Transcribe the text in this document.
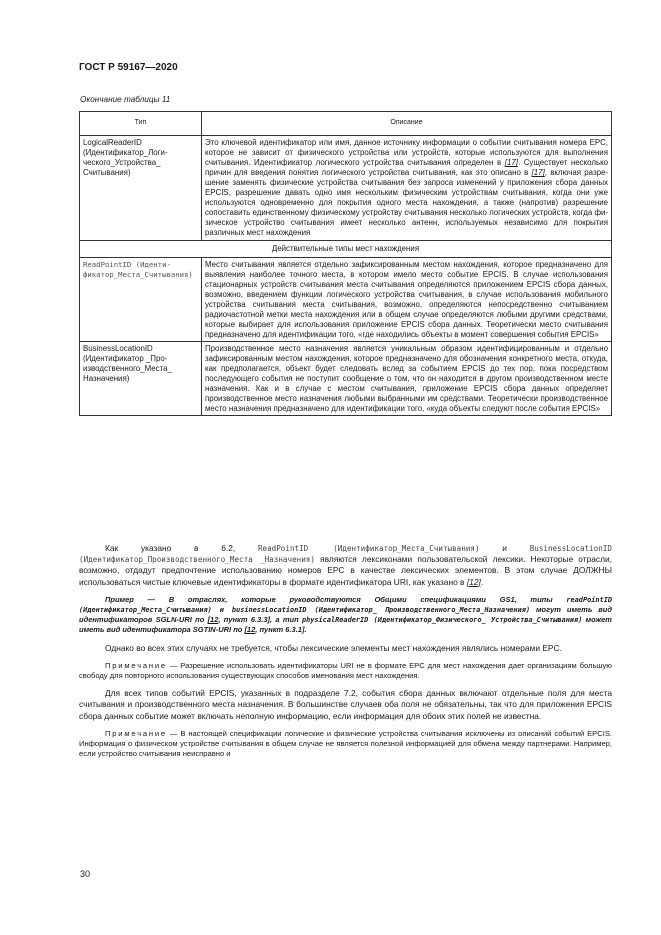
ГОСТ Р 59167—2020
Окончание таблицы 11
Тип	Описание
LogicalReaderID (Идентификатор_Логического_Устройства_ Считывания)	Это ключевой идентификатор или имя, данное источнику информации о событии считывания номера EPC, которое не зависит от физического устройства или устройств, которые используются для выполнения считывания. Идентификатор логического устройства считывания определен в [17]. Существует несколько причин для введения понятия логического устройства считывания, как это описано в [17], включая разрешение заменять физические устройства считывания без запроса изменений у приложения сбора данных EPCIS, разрешение давать одно имя нескольким физическим устройствам считывания, когда они уже используются одновременно для покрытия одного места нахождения, а также (напротив) разрешение сопоставить единственному физическому устройству считывания несколько логических устройств, когда физическое устройство считывания имеет несколько антенн, используемых независимо для покрытия различных мест нахождения
Действительные типы мест нахождения	
ReadPointID (Идентификатор_Места_Считывания)	Место считывания является отдельно зафиксированным местом нахождения, которое предназначено для выявления наиболее точного места, в котором имело место событие EPCIS. В случае использования стационарных устройств считывания места считывания определяются приложением EPCIS сбора данных, возможно, введением функции логического устройства считывания, в случае использования мобильного устройства считывания места считывания, возможно, определяются непосредственно считыванием радиочастотной метки места нахождения или в общем случае определяются любыми другими средствами, которые выбирает для использования приложение EPCIS сбора данных. Теоретически место считывания предназначено для идентификации того, «где находились объекты в момент совершения события EPCIS»
BusinessLocationID (Идентификатор _Производственного_Места_ Назначения)	Производственное место назначения является уникальным образом идентифицированным и отдельно зафиксированным местом нахождения, которое предназначено для обозначения конкретного места, откуда, как предполагается, объект будет следовать вслед за событием EPCIS до тех пор, пока посредством последующего события не поступит сообщение о том, что он находится в другом производственном месте назначения. Как и в случае с местом считывания, приложение EPCIS сбора данных определяет производственное место назначения любыми выбранными им средствами. Теоретически производственное место назначения предназначено для идентификации того, «куда объекты следуют после события EPCIS»

Как указано в 6.2, ReadPointID (Идентификатор_Места_Считывания) и BusinessLocationID (Идентификатор_Производственного_Места _Назначения) являются лексиконами пользовательской лексики. Некоторые отрасли, возможно, отдадут предпочтение использованию номеров EPC в качестве лексических элементов. В этом случае ДОЛЖНЫ использоваться чистые ключевые идентификаторы в формате идентификатора URI, как указано в [12].

Пример — В отраслях, которые руководствуются Общими спецификациями GS1, типы readPointID (Идентификатор_Места_Считывания) и businessLocationID (Идентификатор_ Производственного_Места_Назначения) могут иметь вид идентификаторов SGLN-URI по [12, пункт 6.3.3], а тип physicalReaderID (Идентификатор_Физического_ Устройства_Считывания) может иметь вид идентификатора SGTIN-URI по [12, пункт 6.3.1].

Однако во всех этих случаях не требуется, чтобы лексические элементы мест нахождения являлись номерами EPC.

Примечание — Разрешение использовать идентификаторы URI не в формате EPC для мест нахождения дает организациям большую свободу для повторного использования существующих способов именования мест нахождения.

Для всех типов событий EPCIS, указанных в подразделе 7.2, события сбора данных включают отдельные поля для места считывания и производственного места назначения. В большинстве случаев оба поля не обязательны, так что для приложения EPCIS сбора данных событие может включать неполную информацию, если информация для обоих этих полей не известна.

Примечание — В настоящей спецификации логические и физические устройства считывания исключены из описаний событий EPCIS. Информация о физическом устройстве считывания в общем случае не является полезной информацией для обмена между партнерами. Например, если устройство считывания неисправно и

30
